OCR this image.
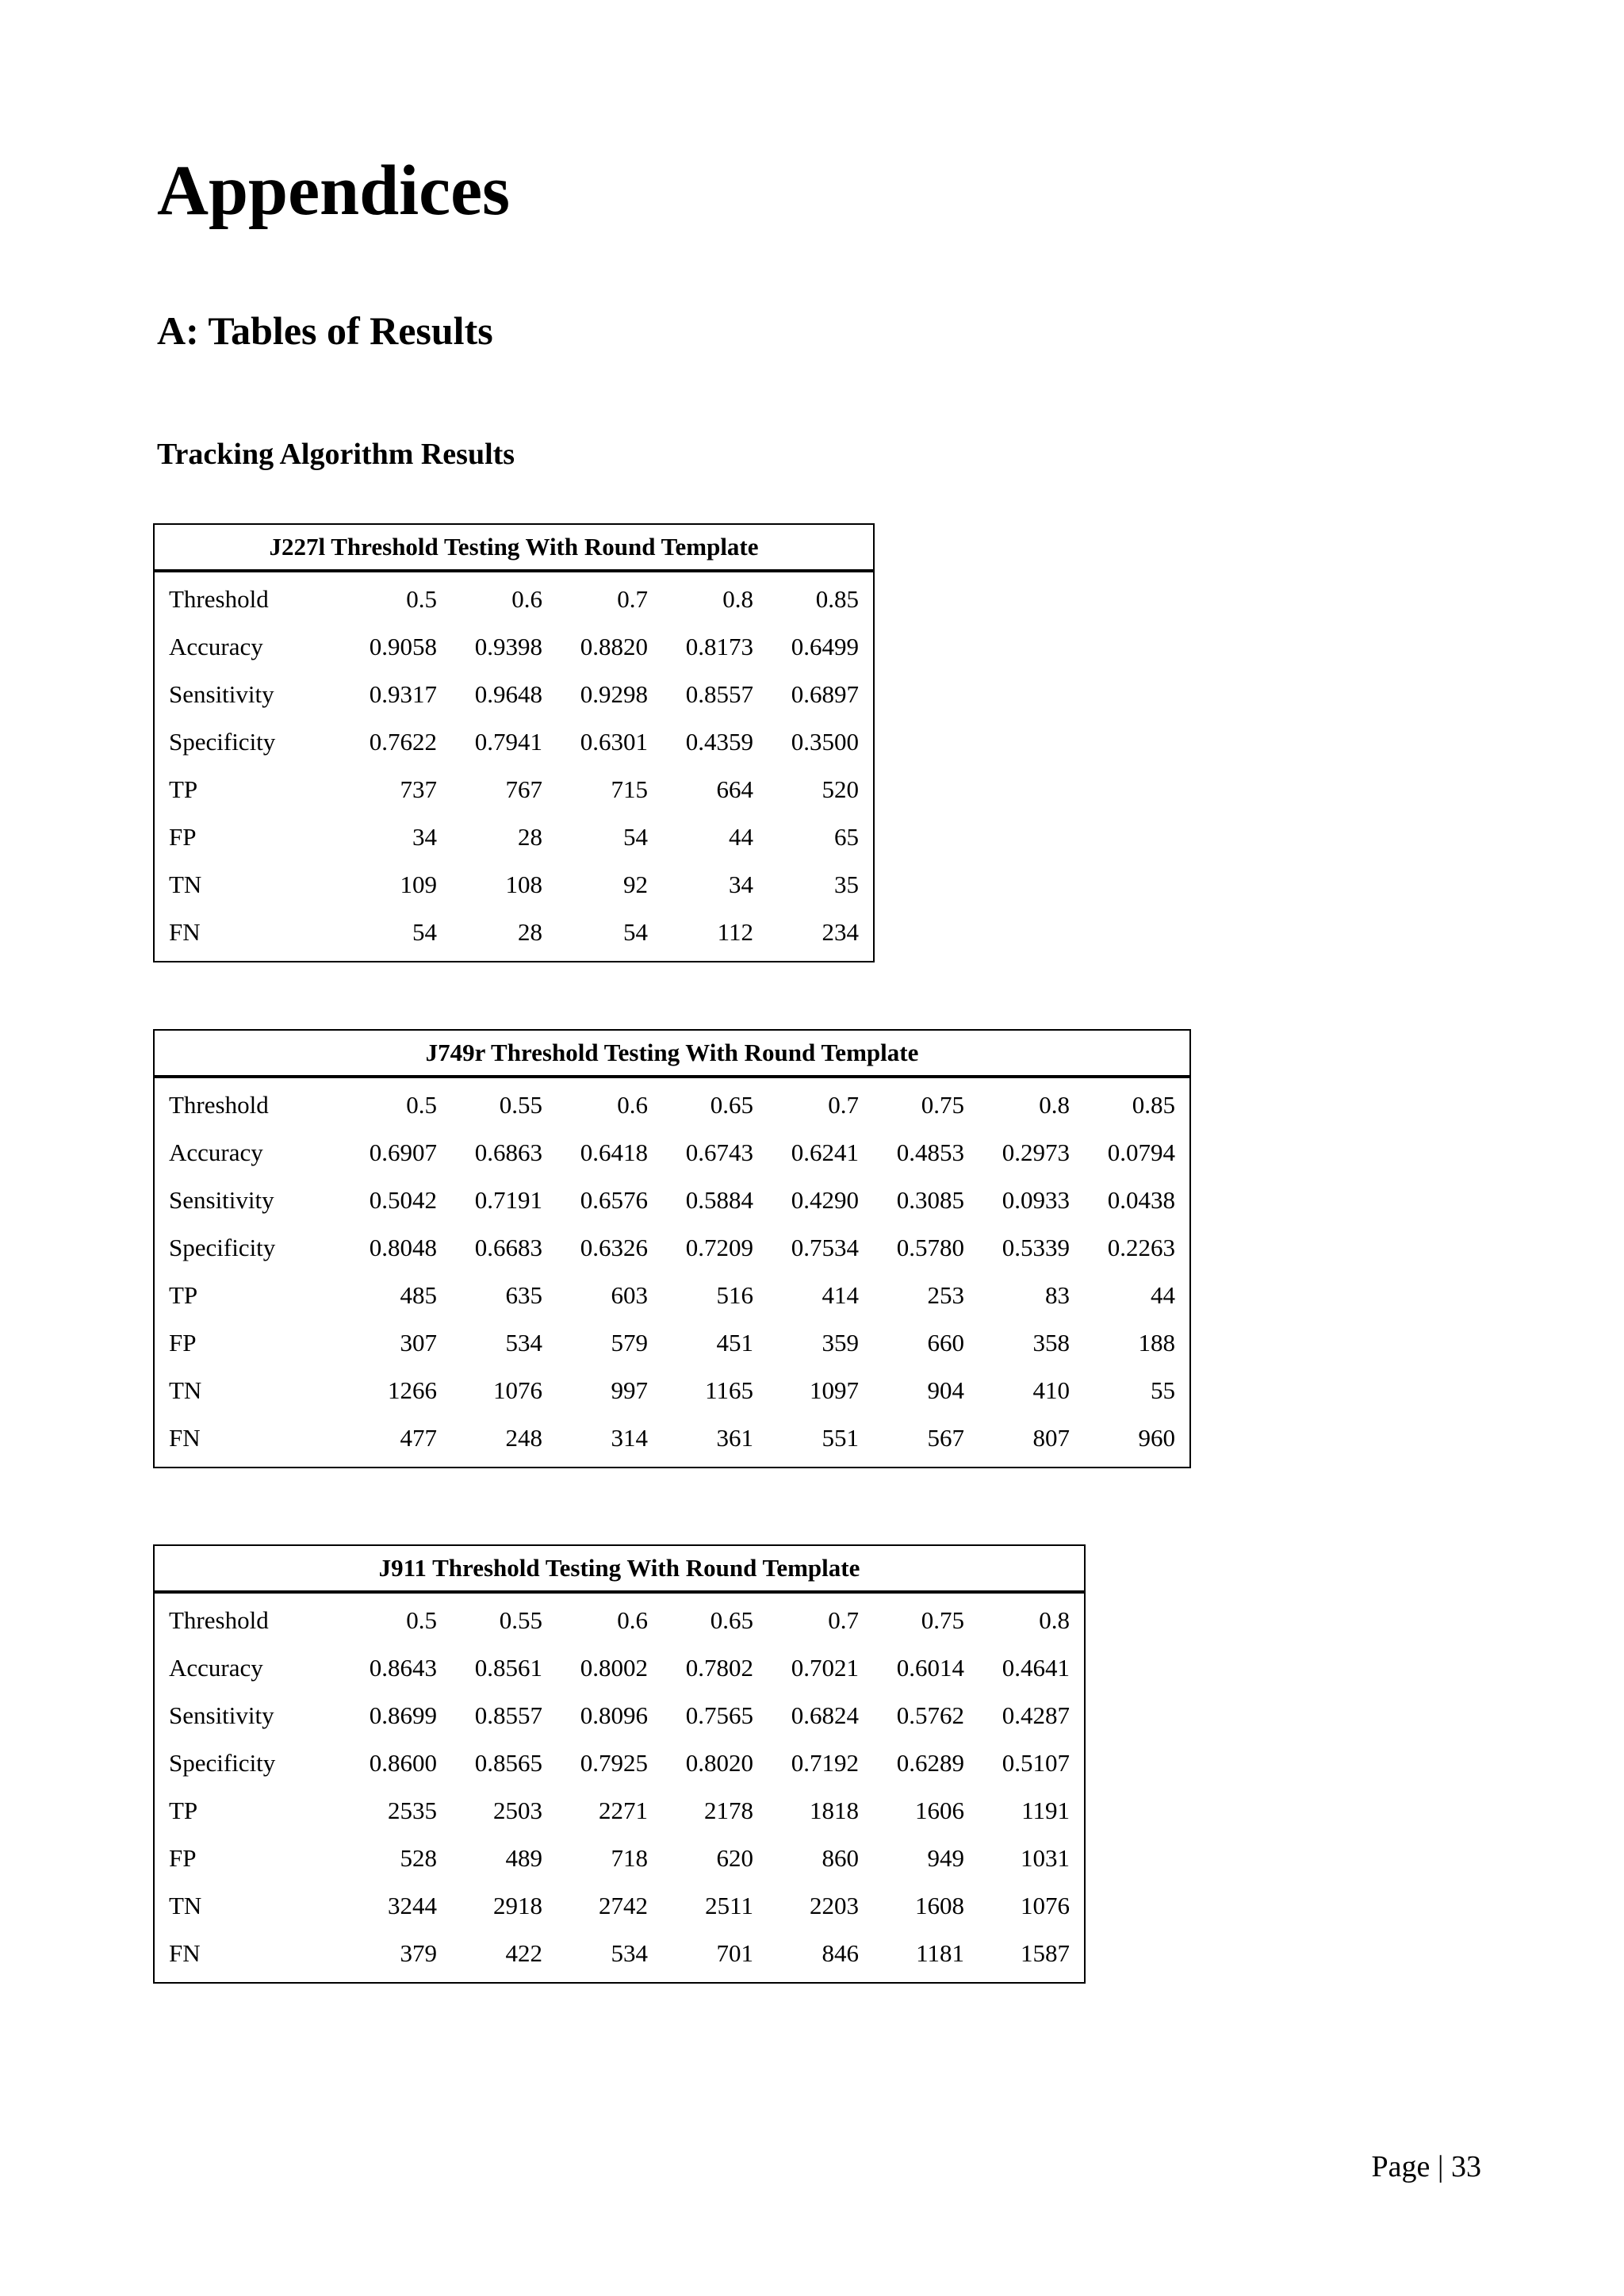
Appendices
A: Tables of Results
Tracking Algorithm Results
J227l Threshold Testing With Round Template
Threshold	0.5	0.6	0.7	0.8	0.85
Accuracy	0.9058	0.9398	0.8820	0.8173	0.6499
Sensitivity	0.9317	0.9648	0.9298	0.8557	0.6897
Specificity	0.7622	0.7941	0.6301	0.4359	0.3500
TP	737	767	715	664	520
FP	34	28	54	44	65
TN	109	108	92	34	35
FN	54	28	54	112	234
J749r Threshold Testing With Round Template
Threshold	0.5	0.55	0.6	0.65	0.7	0.75	0.8	0.85
Accuracy	0.6907	0.6863	0.6418	0.6743	0.6241	0.4853	0.2973	0.0794
Sensitivity	0.5042	0.7191	0.6576	0.5884	0.4290	0.3085	0.0933	0.0438
Specificity	0.8048	0.6683	0.6326	0.7209	0.7534	0.5780	0.5339	0.2263
TP	485	635	603	516	414	253	83	44
FP	307	534	579	451	359	660	358	188
TN	1266	1076	997	1165	1097	904	410	55
FN	477	248	314	361	551	567	807	960
J911 Threshold Testing With Round Template
Threshold	0.5	0.55	0.6	0.65	0.7	0.75	0.8
Accuracy	0.8643	0.8561	0.8002	0.7802	0.7021	0.6014	0.4641
Sensitivity	0.8699	0.8557	0.8096	0.7565	0.6824	0.5762	0.4287
Specificity	0.8600	0.8565	0.7925	0.8020	0.7192	0.6289	0.5107
TP	2535	2503	2271	2178	1818	1606	1191
FP	528	489	718	620	860	949	1031
TN	3244	2918	2742	2511	2203	1608	1076
FN	379	422	534	701	846	1181	1587
Page | 33
